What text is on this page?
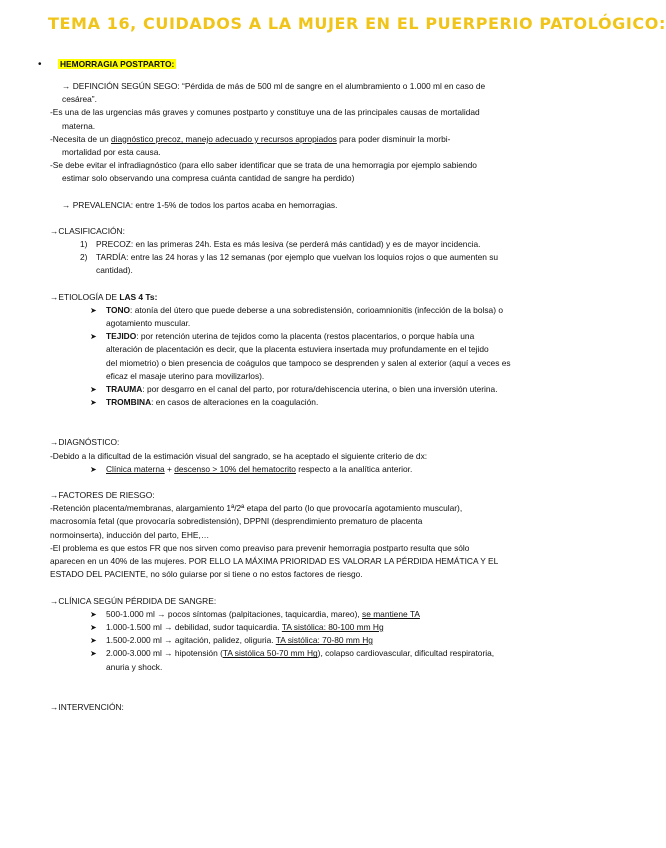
TEMA 16, CUIDADOS A LA MUJER EN EL PUERPERIO PATOLÓGICO:
• HEMORRAGIA POSTPARTO:
→ DEFINCIÓN SEGÚN SEGO: “Pérdida de más de 500 ml de sangre en el alumbramiento o 1.000 ml en caso de
cesárea”.
-Es una de las urgencias más graves y comunes postparto y constituye una de las principales causas de mortalidad
materna.
-Necesita de un diagnóstico precoz, manejo adecuado y recursos apropiados para poder disminuir la morbi-
mortalidad por esta causa.
-Se debe evitar el infradiagnóstico (para ello saber identificar que se trata de una hemorragia por ejemplo sabiendo
estimar solo observando una compresa cuánta cantidad de sangre ha perdido)
→ PREVALENCIA: entre 1-5% de todos los partos acaba en hemorragias.
→CLASIFICACIÓN:
1) PRECOZ: en las primeras 24h. Esta es más lesiva (se perderá más cantidad) y es de mayor incidencia.
2) TARDÍA: entre las 24 horas y las 12 semanas (por ejemplo que vuelvan los loquios rojos o que aumenten su
cantidad).
→ETIOLOGÍA DE LAS 4 Ts:
➤ TONO: atonía del útero que puede deberse a una sobredistensión, corioamnionitis (infección de la bolsa) o
agotamiento muscular.
➤ TEJIDO: por retención uterina de tejidos como la placenta (restos placentarios, o porque había una
alteración de placentación es decir, que la placenta estuviera insertada muy profundamente en el tejido
del miometrio) o bien presencia de coágulos que tampoco se desprenden y salen al exterior (aquí a veces es
eficaz el masaje uterino para movilizarlos).
➤ TRAUMA: por desgarro en el canal del parto, por rotura/dehiscencia uterina, o bien una inversión uterina.
➤ TROMBINA: en casos de alteraciones en la coagulación.
→DIAGNÓSTICO:
-Debido a la dificultad de la estimación visual del sangrado, se ha aceptado el siguiente criterio de dx:
➤ Clínica materna + descenso > 10% del hematocrito respecto a la analítica anterior.
→FACTORES DE RIESGO:
-Retención placenta/membranas, alargamiento 1ª/2ª etapa del parto (lo que provocaría agotamiento muscular),
macrosomía fetal (que provocaría sobredistensión), DPPNI (desprendimiento prematuro de placenta
normoinserta), inducción del parto, EHE,…
-El problema es que estos FR que nos sirven como preaviso para prevenir hemorragia postparto resulta que sólo
aparecen en un 40% de las mujeres. POR ELLO LA MÁXIMA PRIORIDAD ES VALORAR LA PÉRDIDA HEMÁTICA Y EL
ESTADO DEL PACIENTE, no sólo guiarse por si tiene o no estos factores de riesgo.
→CLÍNICA SEGÚN PÉRDIDA DE SANGRE:
➤ 500-1.000 ml → pocos síntomas (palpitaciones, taquicardia, mareo), se mantiene TA
➤ 1.000-1.500 ml → debilidad, sudor taquicardia. TA sistólica: 80-100 mm Hg
➤ 1.500-2.000 ml → agitación, palidez, oliguria. TA sistólica: 70-80 mm Hg
➤ 2.000-3.000 ml → hipotensión (TA sistólica 50-70 mm Hg), colapso cardiovascular, dificultad respiratoria,
anuria y shock.
→INTERVENCIÓN:
